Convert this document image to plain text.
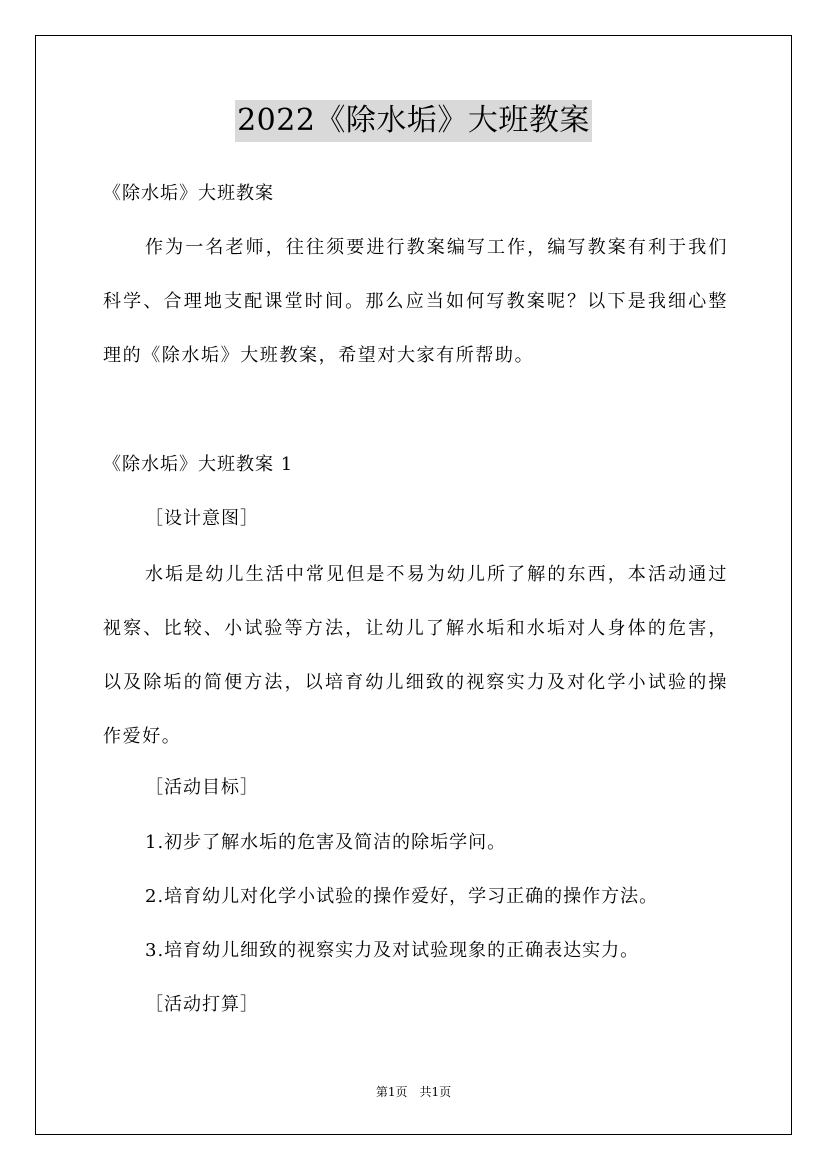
2022《除水垢》大班教案
《除水垢》大班教案
作为一名老师，往往须要进行教案编写工作，编写教案有利于我们科学、合理地支配课堂时间。那么应当如何写教案呢？以下是我细心整理的《除水垢》大班教案，希望对大家有所帮助。
《除水垢》大班教案 1
［设计意图］
水垢是幼儿生活中常见但是不易为幼儿所了解的东西，本活动通过视察、比较、小试验等方法，让幼儿了解水垢和水垢对人身体的危害，以及除垢的简便方法，以培育幼儿细致的视察实力及对化学小试验的操作爱好。
［活动目标］
1.初步了解水垢的危害及简洁的除垢学问。
2.培育幼儿对化学小试验的操作爱好，学习正确的操作方法。
3.培育幼儿细致的视察实力及对试验现象的正确表达实力。
［活动打算］
第1页　共1页
